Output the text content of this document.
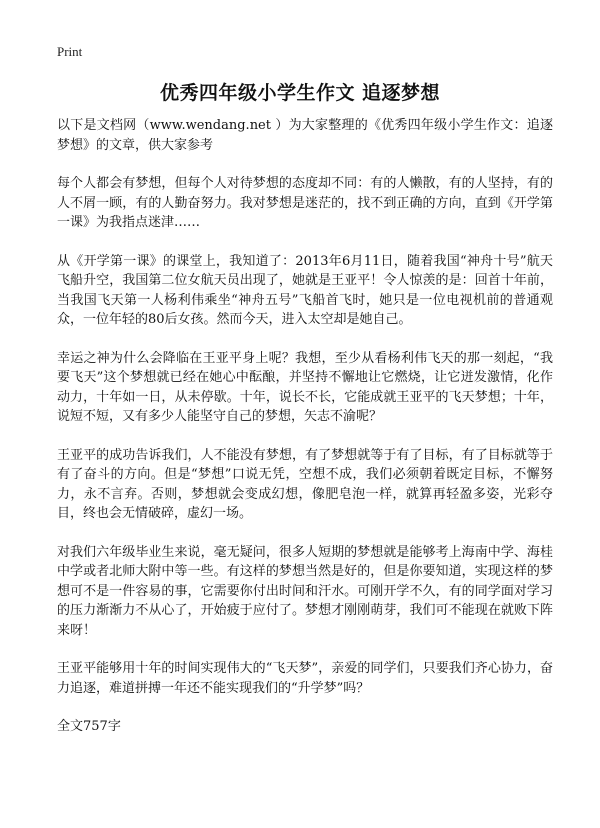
Print
优秀四年级小学生作文 追逐梦想

以下是文档网（www.wendang.net ）为大家整理的《优秀四年级小学生作文：追逐梦想》的文章，供大家参考

每个人都会有梦想，但每个人对待梦想的态度却不同：有的人懒散，有的人坚持，有的人不屑一顾，有的人勤奋努力。我对梦想是迷茫的，找不到正确的方向，直到《开学第一课》为我指点迷津……

从《开学第一课》的课堂上，我知道了：2013年6月11日，随着我国“神舟十号”航天飞船升空，我国第二位女航天员出现了，她就是王亚平！令人惊羡的是：回首十年前，当我国飞天第一人杨利伟乘坐“神舟五号”飞船首飞时，她只是一位电视机前的普通观众，一位年轻的80后女孩。然而今天，进入太空却是她自己。

幸运之神为什么会降临在王亚平身上呢？我想，至少从看杨利伟飞天的那一刻起，“我要飞天”这个梦想就已经在她心中酝酿，并坚持不懈地让它燃烧，让它迸发激情，化作动力，十年如一日，从未停歇。十年，说长不长，它能成就王亚平的飞天梦想；十年，说短不短，又有多少人能坚守自己的梦想，矢志不渝呢？

王亚平的成功告诉我们，人不能没有梦想，有了梦想就等于有了目标，有了目标就等于有了奋斗的方向。但是“梦想”口说无凭，空想不成，我们必须朝着既定目标，不懈努力，永不言弃。否则，梦想就会变成幻想，像肥皂泡一样，就算再轻盈多姿，光彩夺目，终也会无情破碎，虚幻一场。

对我们六年级毕业生来说，毫无疑问，很多人短期的梦想就是能够考上海南中学、海桂中学或者北师大附中等一些。有这样的梦想当然是好的，但是你要知道，实现这样的梦想可不是一件容易的事，它需要你付出时间和汗水。可刚开学不久，有的同学面对学习的压力渐渐力不从心了，开始疲于应付了。梦想才刚刚萌芽，我们可不能现在就败下阵来呀！

王亚平能够用十年的时间实现伟大的“飞天梦”，亲爱的同学们，只要我们齐心协力，奋力追逐，难道拼搏一年还不能实现我们的“升学梦”吗？

全文757字
